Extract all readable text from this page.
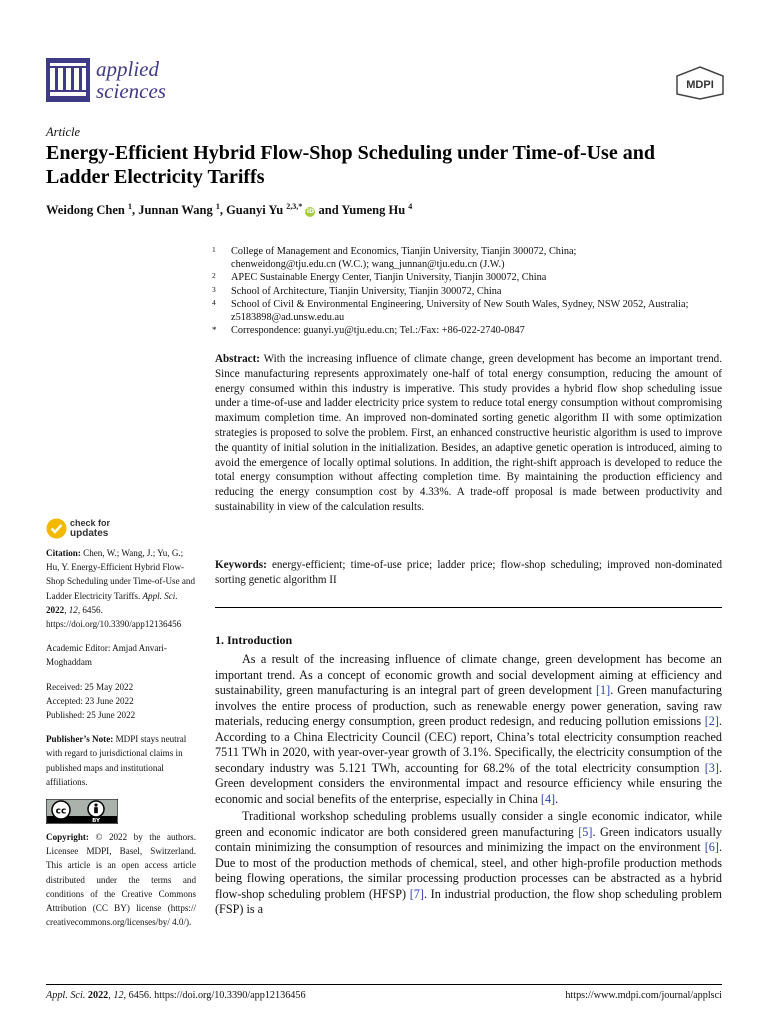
applied
sciences	MDPI
Article
Energy-Efficient Hybrid Flow-Shop Scheduling under Time-of-Use and Ladder Electricity Tariffs
Weidong Chen $^1$, Junnan Wang $^1$, Guanyi Yu $^{2,3,*}$ iD and Yumeng Hu $^4$
1 College of Management and Economics, Tianjin University, Tianjin 300072, China;
chenweidong@tju.edu.cn (W.C.); wang_junnan@tju.edu.cn (J.W.)
2 APEC Sustainable Energy Center, Tianjin University, Tianjin 300072, China
3 School of Architecture, Tianjin University, Tianjin 300072, China
4 School of Civil & Environmental Engineering, University of New South Wales, Sydney, NSW 2052, Australia;
z5183898@ad.unsw.edu.au
* Correspondence: guanyi.yu@tju.edu.cn; Tel.:/Fax: +86-022-2740-0847
Abstract: With the increasing influence of climate change, green development has become an important trend. Since manufacturing represents approximately one-half of total energy consumption, reducing the amount of energy consumed within this industry is imperative. This study provides a hybrid flow shop scheduling issue under a time-of-use and ladder electricity price system to reduce total energy consumption without compromising maximum completion time. An improved non-dominated sorting genetic algorithm II with some optimization strategies is proposed to solve the problem. First, an enhanced constructive heuristic algorithm is used to improve the quantity of initial solution in the initialization. Besides, an adaptive genetic operation is introduced, aiming to avoid the emergence of locally optimal solutions. In addition, the right-shift approach is developed to reduce the total energy consumption without affecting completion time. By maintaining the production efficiency and reducing the energy consumption cost by 4.33%. A trade-off proposal is made between productivity and sustainability in view of the calculation results.
Keywords: energy-efficient; time-of-use price; ladder price; flow-shop scheduling; improved non-dominated sorting genetic algorithm II
1. Introduction

As a result of the increasing influence of climate change, green development has become an important trend. As a concept of economic growth and social development aiming at efficiency and sustainability, green manufacturing is an integral part of green development [1]. Green manufacturing involves the entire process of production, such as renewable energy power generation, saving raw materials, reducing energy consumption, green product redesign, and reducing pollution emissions [2]. According to a China Electricity Council (CEC) report, China’s total electricity consumption reached 7511 TWh in 2020, with year-over-year growth of 3.1%. Specifically, the electricity consumption of the secondary industry was 5.121 TWh, accounting for 68.2% of the total electricity consumption [3]. Green development considers the environmental impact and resource efficiency while ensuring the economic and social benefits of the enterprise, especially in China [4].

Traditional workshop scheduling problems usually consider a single economic indicator, while green and economic indicator are both considered green manufacturing [5]. Green indicators usually contain minimizing the consumption of resources and minimizing the impact on the environment [6]. Due to most of the production methods of chemical, steel, and other high-profile production methods being flowing operations, the similar processing production processes can be abstracted as a hybrid flow-shop scheduling problem (HFSP) [7]. In industrial production, the flow shop scheduling problem (FSP) is a

check for
updates
Citation: Chen, W.; Wang, J.; Yu, G.; Hu, Y. Energy-Efficient Hybrid Flow-Shop Scheduling under Time-of-Use and Ladder Electricity Tariffs. Appl. Sci. 2022, 12, 6456. https://doi.org/10.3390/app12136456
Academic Editor: Amjad Anvari-Moghaddam
Received: 25 May 2022
Accepted: 23 June 2022
Published: 25 June 2022
Publisher’s Note: MDPI stays neutral with regard to jurisdictional claims in published maps and institutional affiliations.
cc
BY
Copyright: © 2022 by the authors. Licensee MDPI, Basel, Switzerland. This article is an open access article distributed under the terms and conditions of the Creative Commons Attribution (CC BY) license (https:// creativecommons.org/licenses/by/ 4.0/).
Appl. Sci. 2022, 12, 6456. https://doi.org/10.3390/app12136456	https://www.mdpi.com/journal/applsci
